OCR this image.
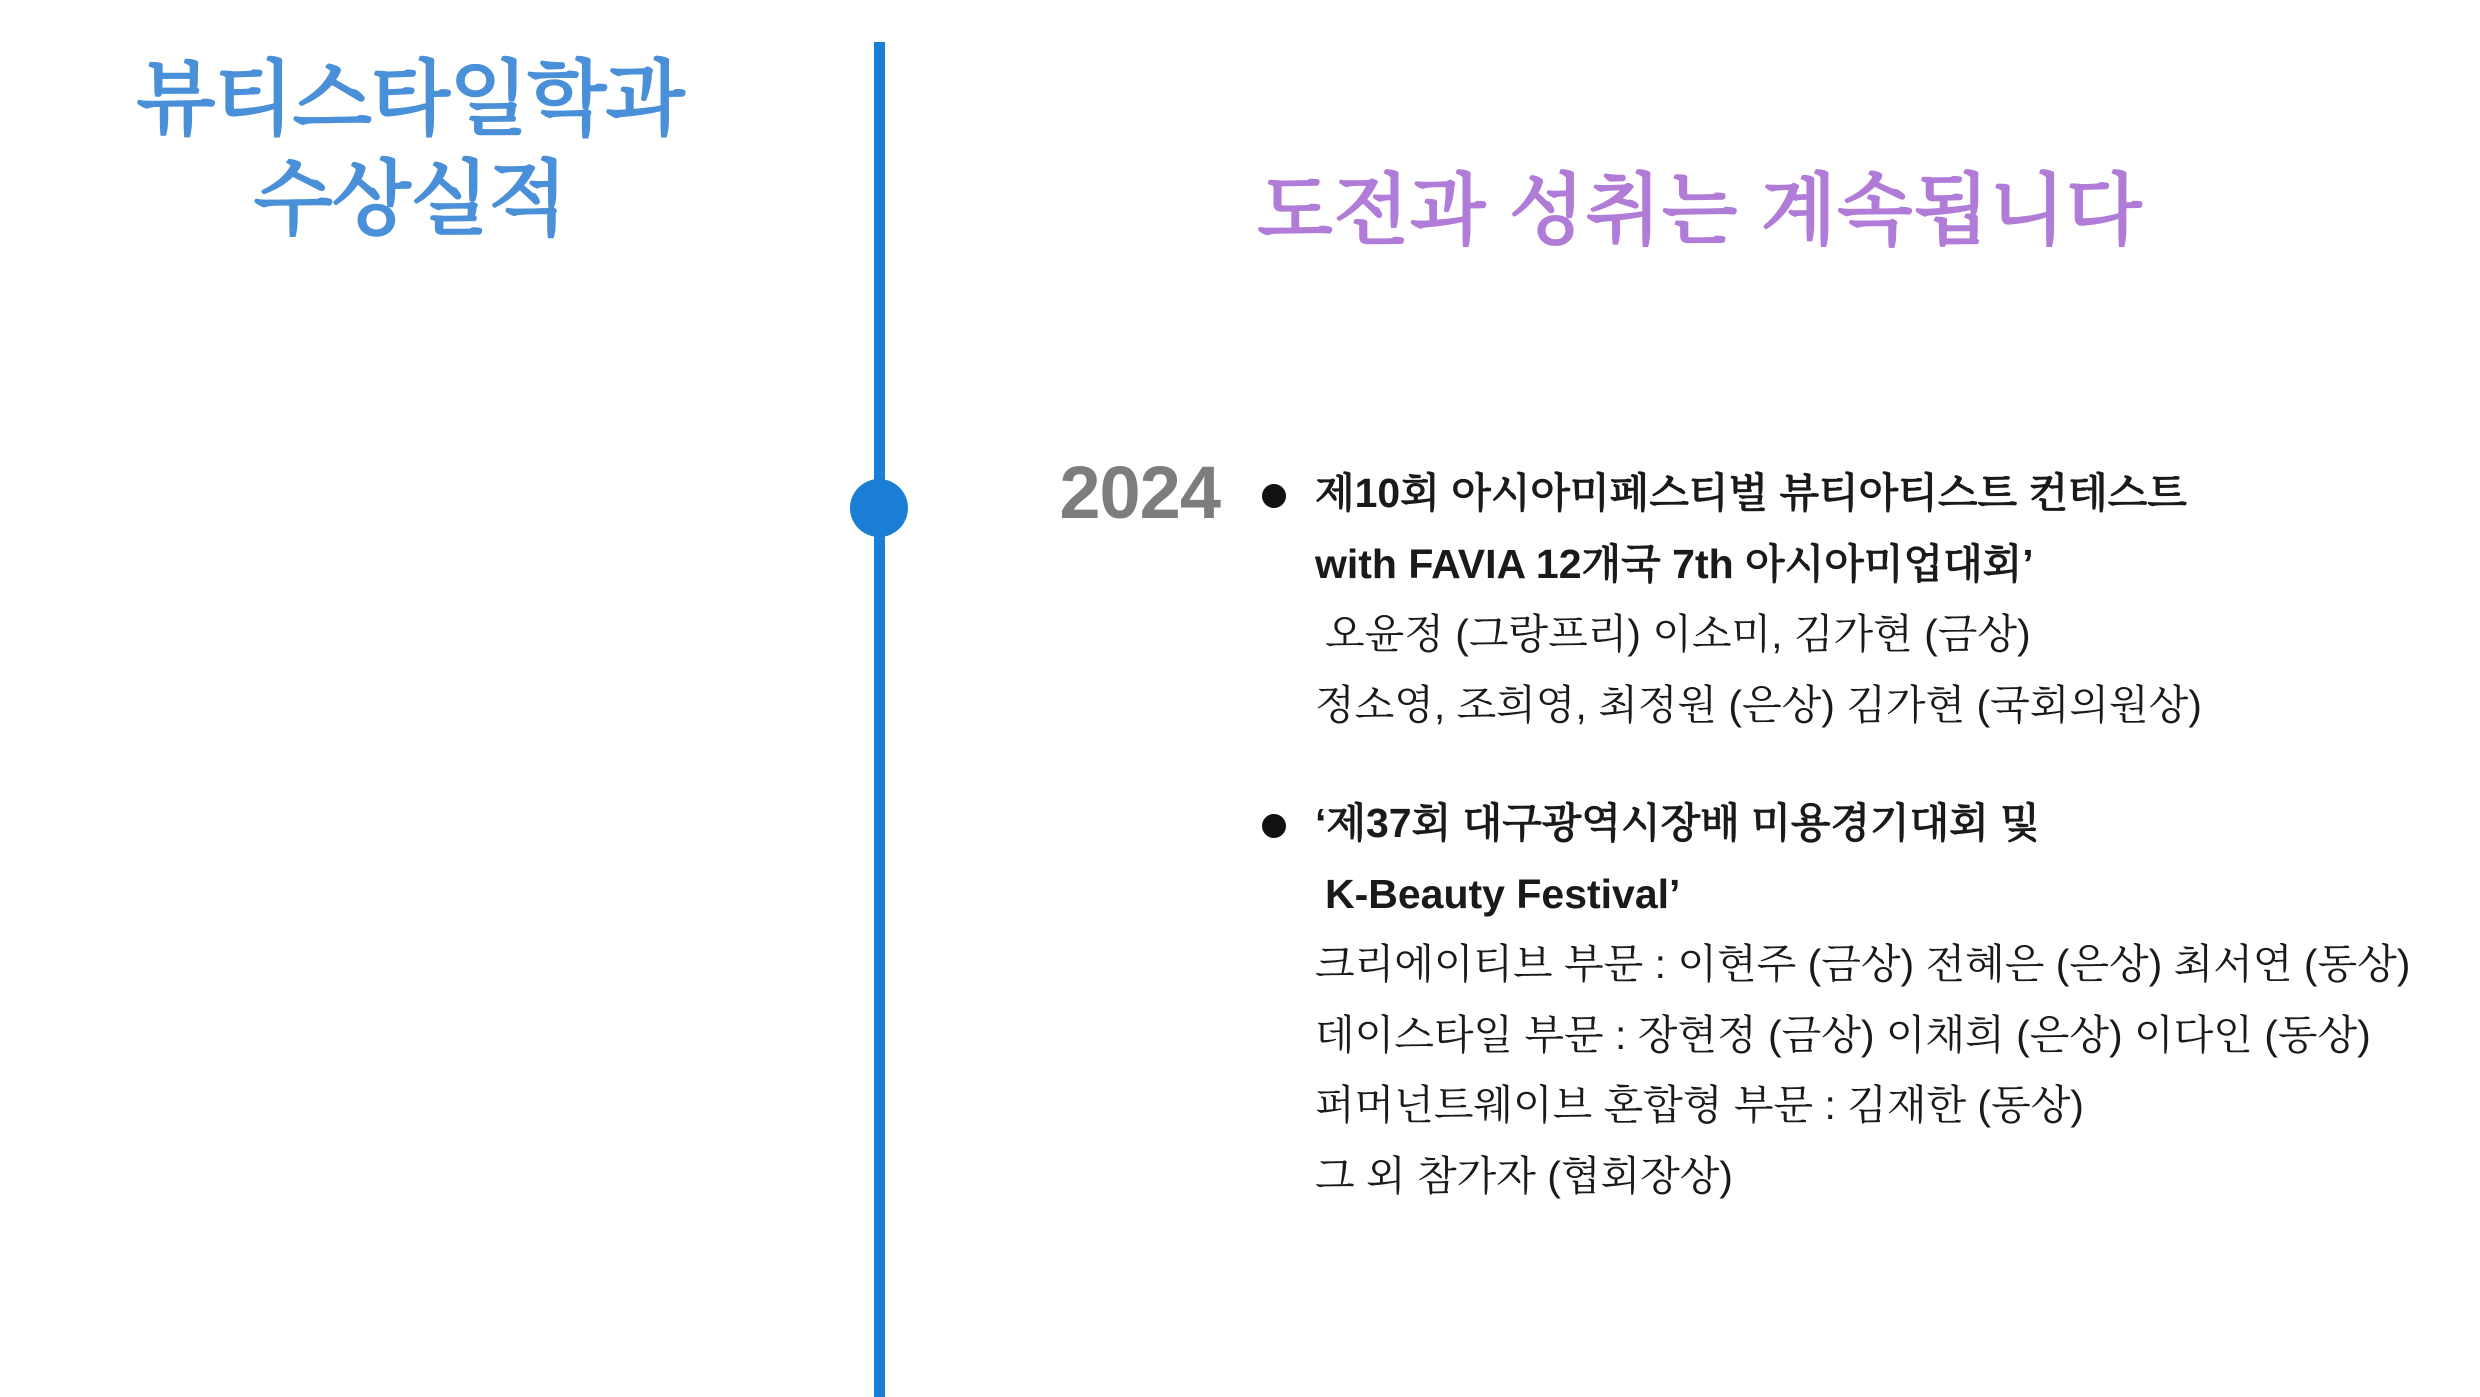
뷰티스타일학과
수상실적	도전과 성취는 계속됩니다
2024 제10회 아시아미페스티벌 뷰티아티스트 컨테스트
with FAVIA 12개국 7th 아시아미업대회’
오윤정 (그랑프리) 이소미, 김가현 (금상)
정소영, 조희영, 최정원 (은상) 김가현 (국회의원상)
‘제37회 대구광역시장배 미용경기대회 및
K-Beauty Festival’
크리에이티브 부문 : 이현주 (금상) 전혜은 (은상) 최서연 (동상)
데이스타일 부문 : 장현정 (금상) 이채희 (은상) 이다인 (동상)
퍼머넌트웨이브 혼합형 부문 : 김재한 (동상)
그 외 참가자 (협회장상)
